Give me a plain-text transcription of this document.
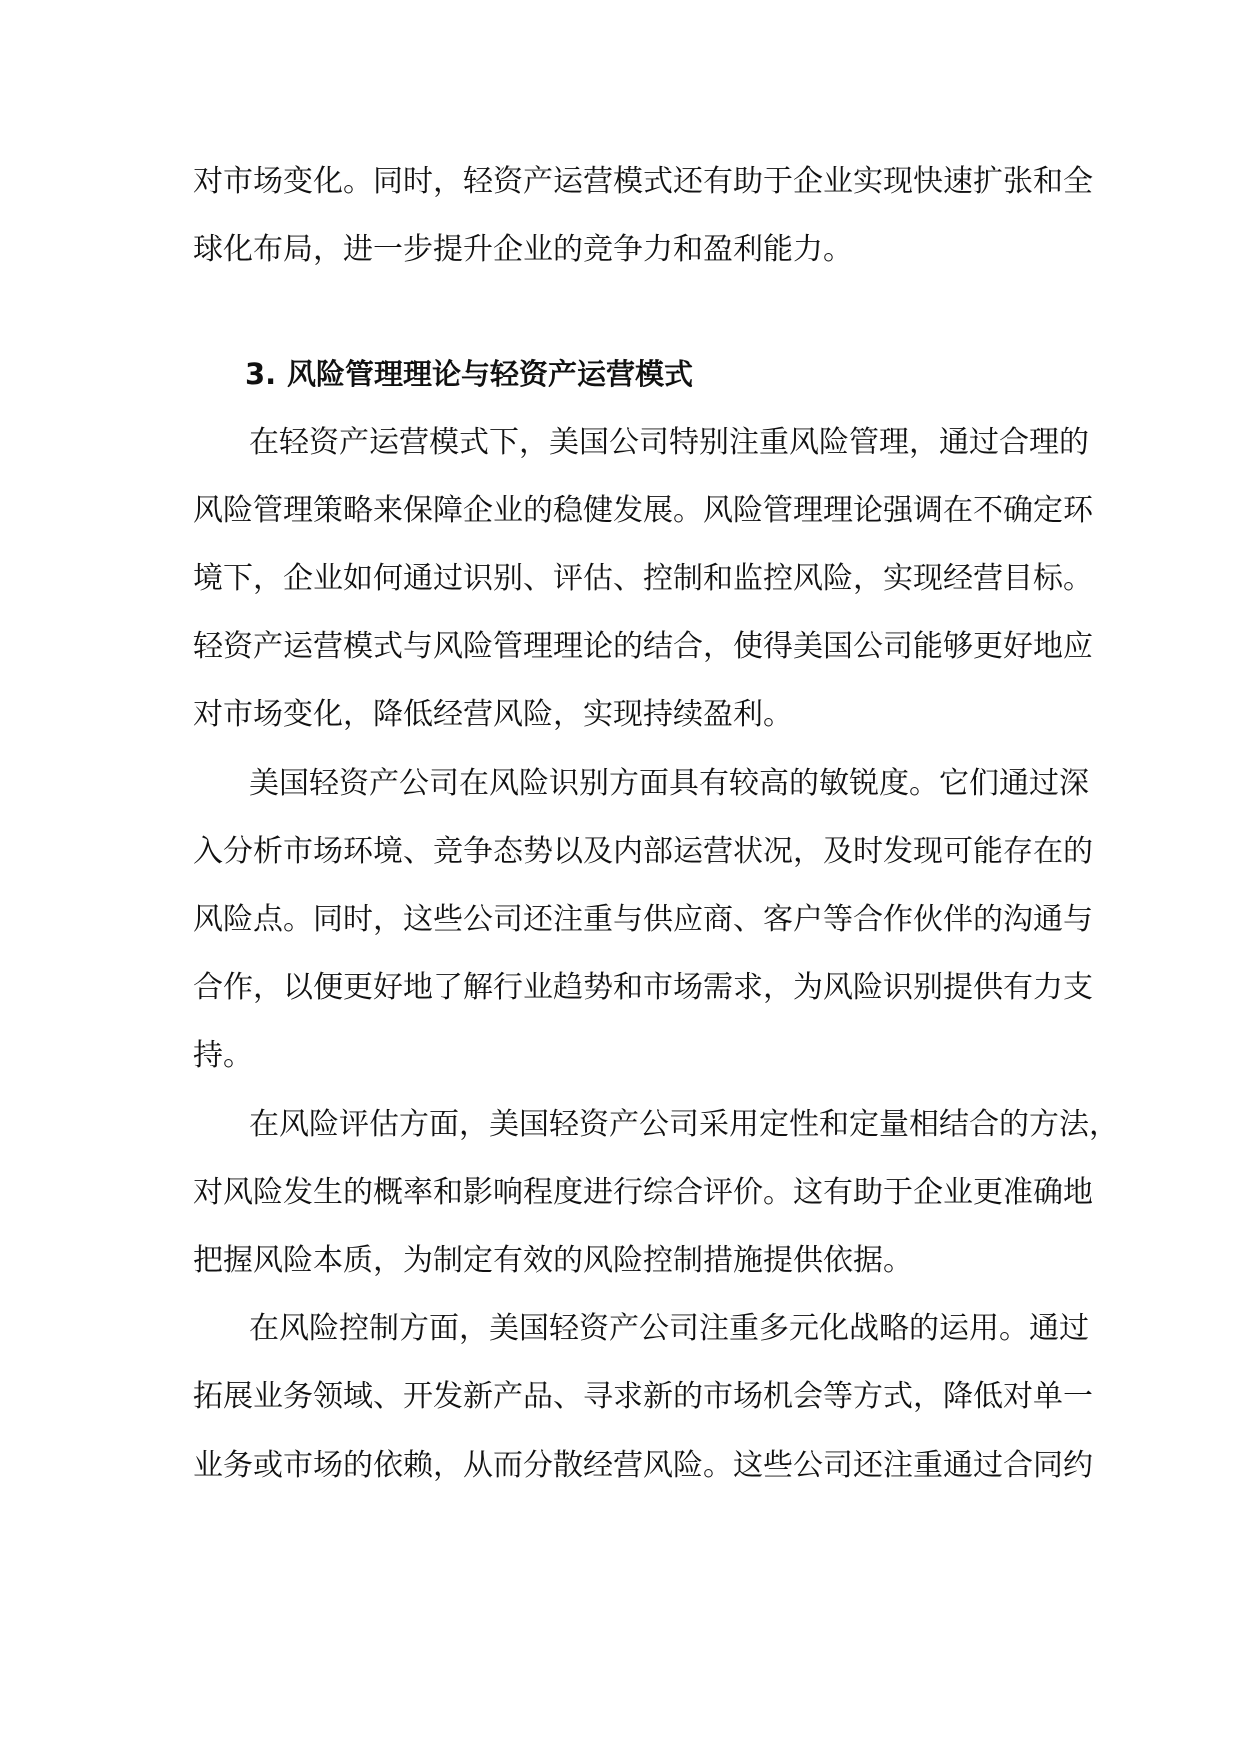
对市场变化。同时，轻资产运营模式还有助于企业实现快速扩张和全
球化布局，进一步提升企业的竞争力和盈利能力。

3. 风险管理理论与轻资产运营模式

在轻资产运营模式下，美国公司特别注重风险管理，通过合理的
风险管理策略来保障企业的稳健发展。风险管理理论强调在不确定环
境下，企业如何通过识别、评估、控制和监控风险，实现经营目标。
轻资产运营模式与风险管理理论的结合，使得美国公司能够更好地应
对市场变化，降低经营风险，实现持续盈利。

美国轻资产公司在风险识别方面具有较高的敏锐度。它们通过深
入分析市场环境、竞争态势以及内部运营状况，及时发现可能存在的
风险点。同时，这些公司还注重与供应商、客户等合作伙伴的沟通与
合作，以便更好地了解行业趋势和市场需求，为风险识别提供有力支
持。

在风险评估方面，美国轻资产公司采用定性和定量相结合的方法，
对风险发生的概率和影响程度进行综合评价。这有助于企业更准确地
把握风险本质，为制定有效的风险控制措施提供依据。

在风险控制方面，美国轻资产公司注重多元化战略的运用。通过
拓展业务领域、开发新产品、寻求新的市场机会等方式，降低对单一
业务或市场的依赖，从而分散经营风险。这些公司还注重通过合同约
